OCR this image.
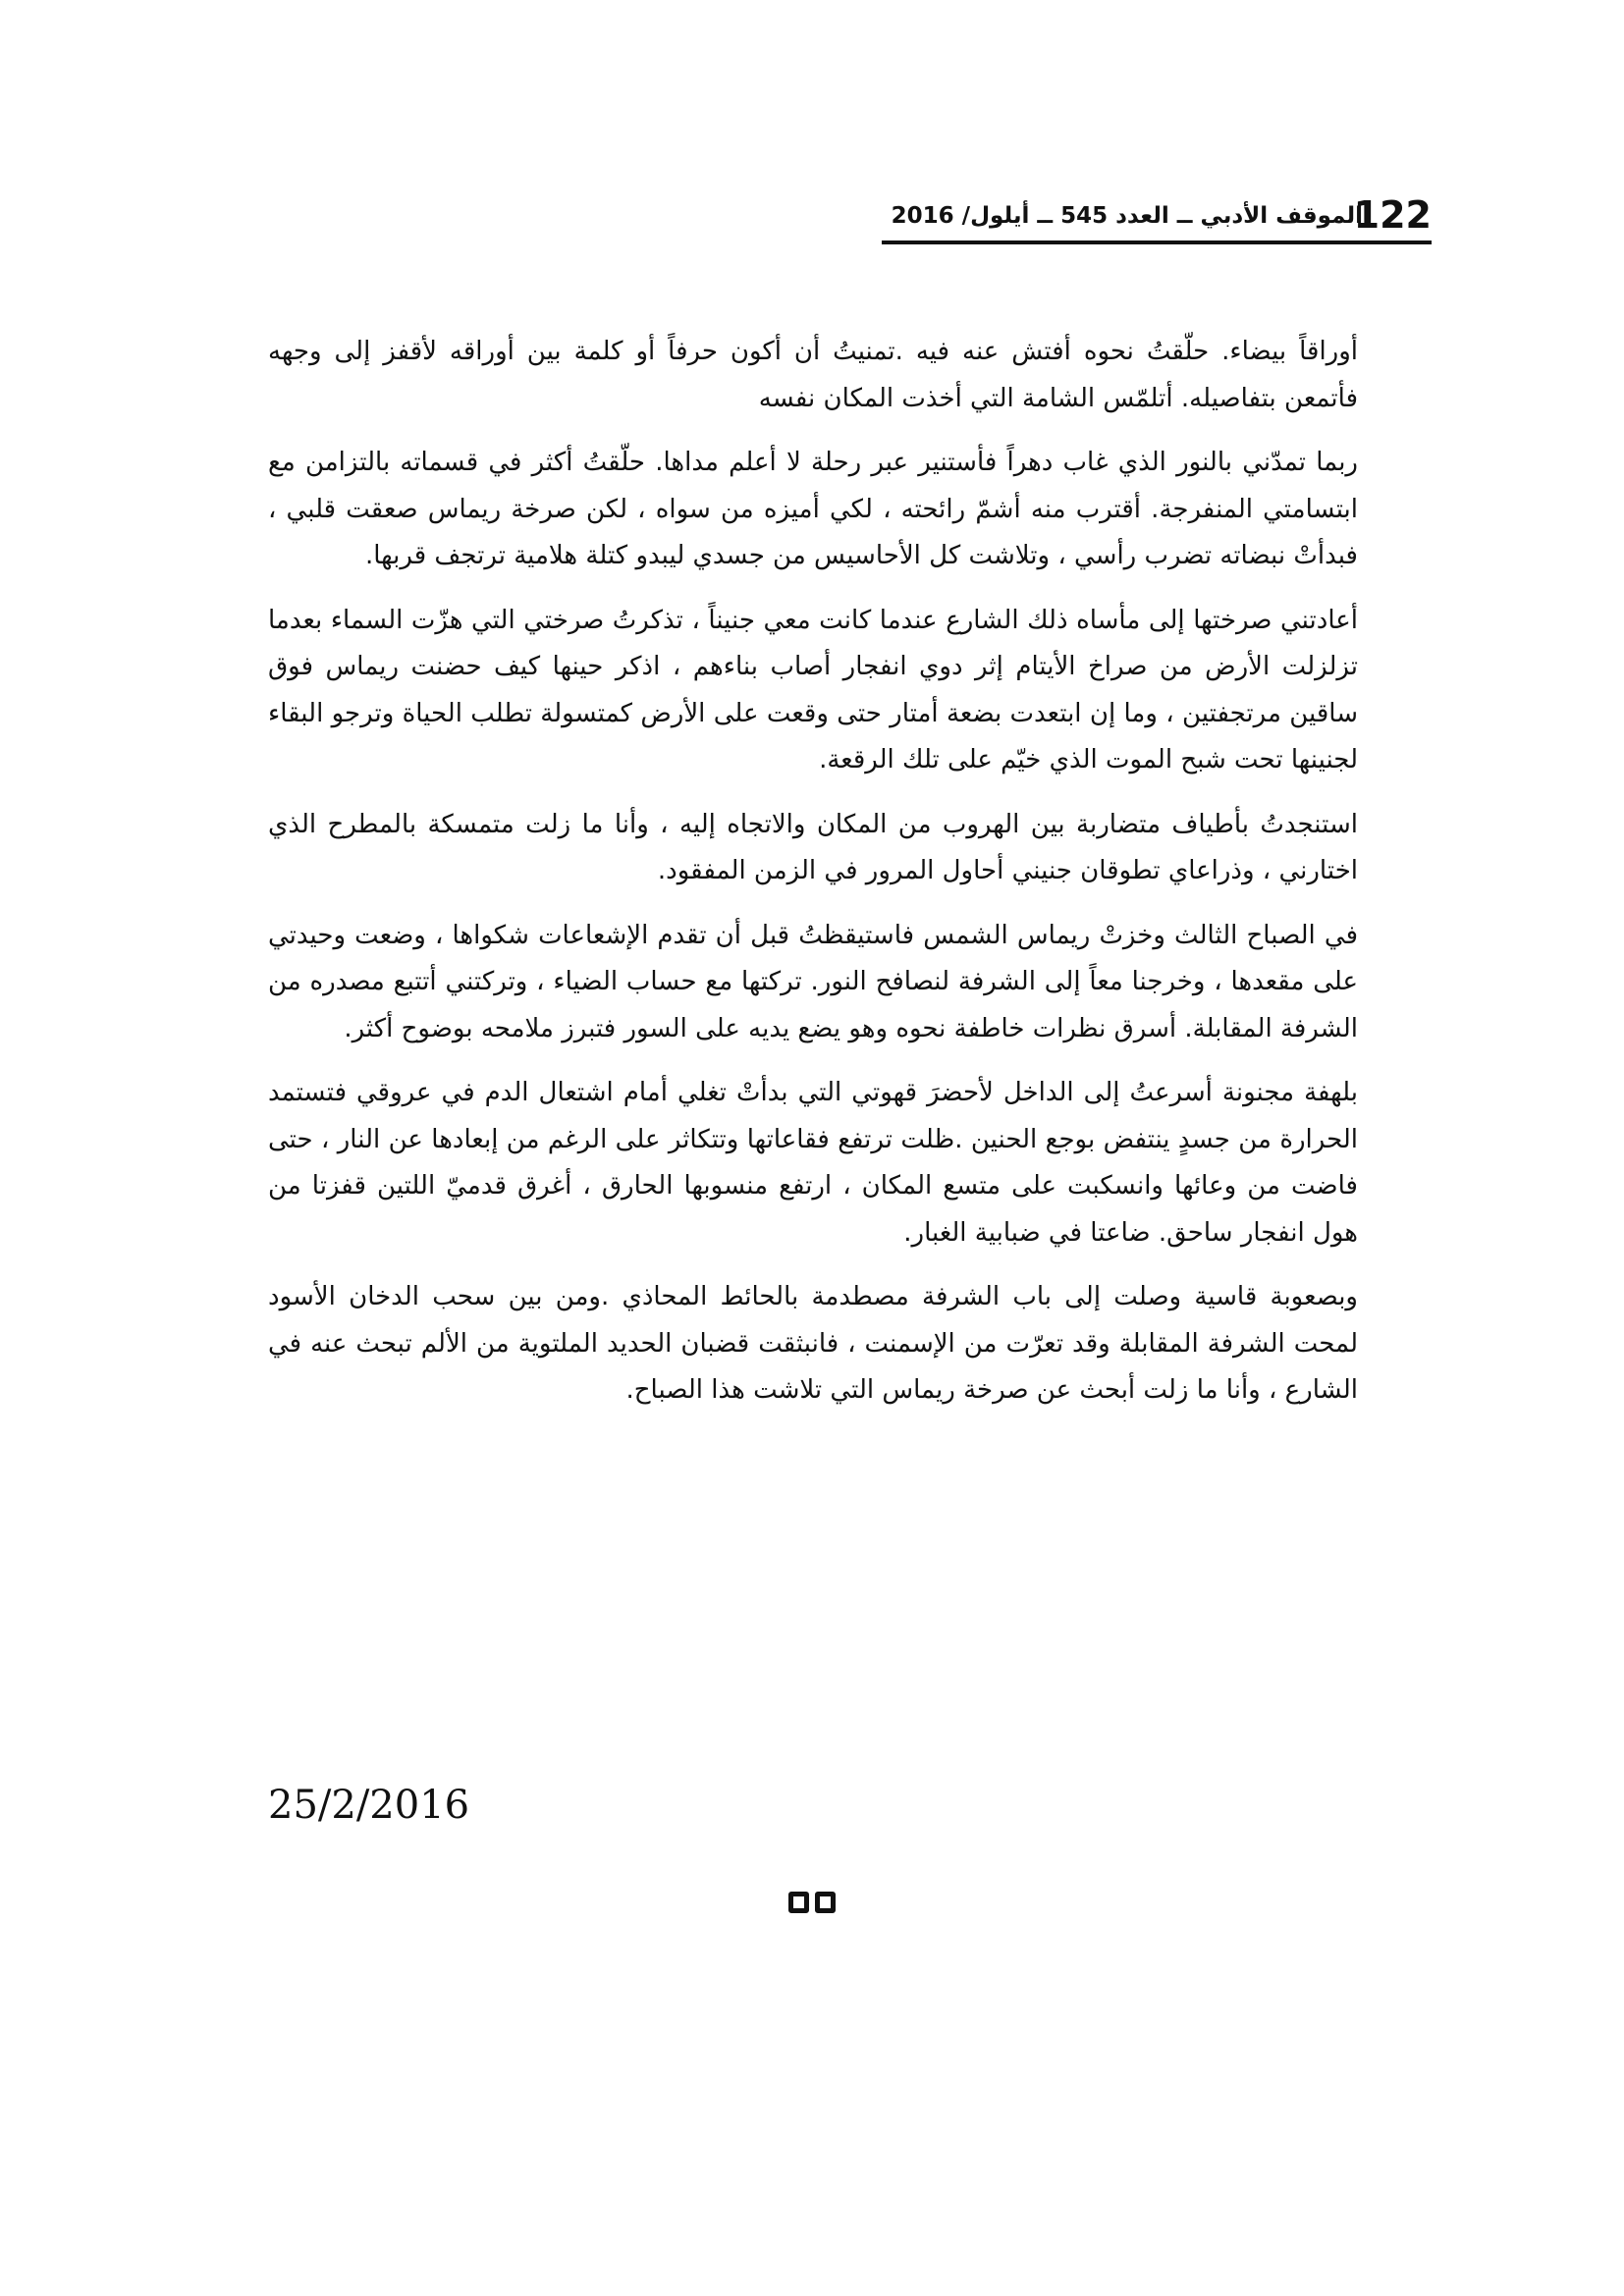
122
الموقف الأدبي ــ العدد 545 ــ أيلول/ 2016

أوراقاً بيضاء. حلّقتُ نحوه أفتش عنه فيه .تمنيتُ أن أكون حرفاً أو كلمة بين أوراقه لأقفز إلى وجهه فأتمعن بتفاصيله. أتلمّس الشامة التي أخذت المكان نفسه

ربما تمدّني بالنور الذي غاب دهراً فأستنير عبر رحلة لا أعلم مداها. حلّقتُ أكثر في قسماته بالتزامن مع ابتسامتي المنفرجة. أقترب منه أشمّ رائحته ، لكي أميزه من سواه ، لكن صرخة ريماس صعقت قلبي ، فبدأتْ نبضاته تضرب رأسي ، وتلاشت كل الأحاسيس من جسدي ليبدو كتلة هلامية ترتجف قربها.

أعادتني صرختها إلى مأساه ذلك الشارع عندما كانت معي جنيناً ، تذكرتُ صرختي التي هزّت السماء بعدما تزلزلت الأرض من صراخ الأيتام إثر دوي انفجار أصاب بناءهم ، اذكر حينها كيف حضنت ريماس فوق ساقين مرتجفتين ، وما إن ابتعدت بضعة أمتار حتى وقعت على الأرض كمتسولة تطلب الحياة وترجو البقاء لجنينها تحت شبح الموت الذي خيّم على تلك الرقعة.

استنجدتُ بأطياف متضاربة بين الهروب من المكان والاتجاه إليه ، وأنا ما زلت متمسكة بالمطرح الذي اختارني ، وذراعاي تطوقان جنيني أحاول المرور في الزمن المفقود.

في الصباح الثالث وخزتْ ريماس الشمس فاستيقظتُ قبل أن تقدم الإشعاعات شكواها ، وضعت وحيدتي على مقعدها ، وخرجنا معاً إلى الشرفة لنصافح النور. تركتها مع حساب الضياء ، وتركتني أتتبع مصدره من الشرفة المقابلة. أسرق نظرات خاطفة نحوه وهو يضع يديه على السور فتبرز ملامحه بوضوح أكثر.

بلهفة مجنونة أسرعتُ إلى الداخل لأحضرَ قهوتي التي بدأتْ تغلي أمام اشتعال الدم في عروقي فتستمد الحرارة من جسدٍ ينتفض بوجع الحنين .ظلت ترتفع فقاعاتها وتتكاثر على الرغم من إبعادها عن النار ، حتى فاضت من وعائها وانسكبت على متسع المكان ، ارتفع منسوبها الحارق ، أغرق قدميّ اللتين قفزتا من هول انفجار ساحق. ضاعتا في ضبابية الغبار.

وبصعوبة قاسية وصلت إلى باب الشرفة مصطدمة بالحائط المحاذي .ومن بين سحب الدخان الأسود لمحت الشرفة المقابلة وقد تعرّت من الإسمنت ، فانبثقت قضبان الحديد الملتوية من الألم تبحث عنه في الشارع ، وأنا ما زلت أبحث عن صرخة ريماس التي تلاشت هذا الصباح.

25/2/2016
